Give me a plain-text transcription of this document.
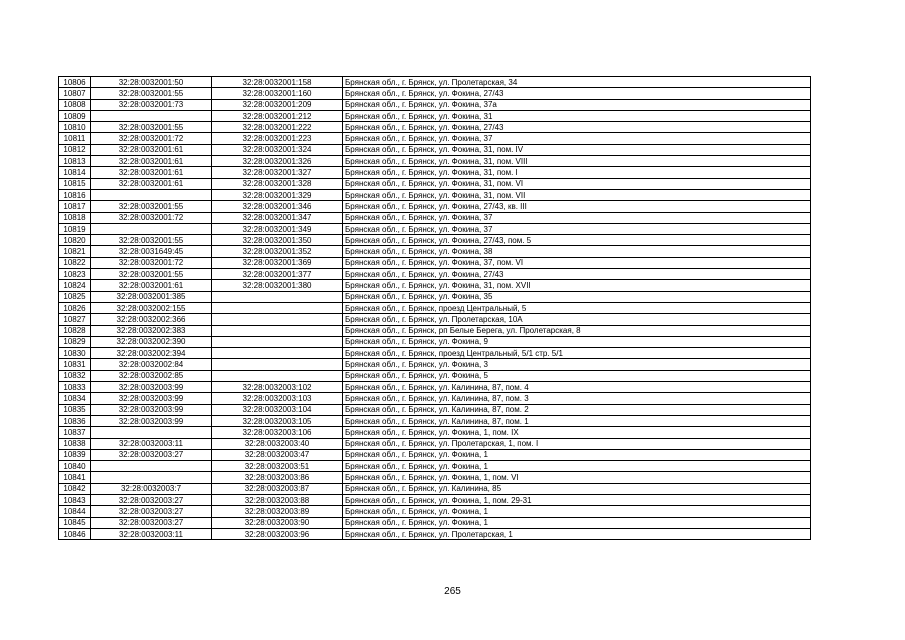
10806	32:28:0032001:50	32:28:0032001:158	Брянская обл., г. Брянск, ул. Пролетарская, 34
10807	32:28:0032001:55	32:28:0032001:160	Брянская обл., г. Брянск, ул. Фокина, 27/43
10808	32:28:0032001:73	32:28:0032001:209	Брянская обл., г. Брянск, ул. Фокина, 37а
10809		32:28:0032001:212	Брянская обл., г. Брянск, ул. Фокина, 31
10810	32:28:0032001:55	32:28:0032001:222	Брянская обл., г. Брянск, ул. Фокина, 27/43
10811	32:28:0032001:72	32:28:0032001:223	Брянская обл., г. Брянск, ул. Фокина, 37
10812	32:28:0032001:61	32:28:0032001:324	Брянская обл., г. Брянск, ул. Фокина, 31, пом. IV
10813	32:28:0032001:61	32:28:0032001:326	Брянская обл., г. Брянск, ул. Фокина, 31, пом. VIII
10814	32:28:0032001:61	32:28:0032001:327	Брянская обл., г. Брянск, ул. Фокина, 31, пом. I
10815	32:28:0032001:61	32:28:0032001:328	Брянская обл., г. Брянск, ул. Фокина, 31, пом. VI
10816		32:28:0032001:329	Брянская обл., г. Брянск, ул. Фокина, 31, пом. VII
10817	32:28:0032001:55	32:28:0032001:346	Брянская обл., г. Брянск, ул. Фокина, 27/43, кв. III
10818	32:28:0032001:72	32:28:0032001:347	Брянская обл., г. Брянск, ул. Фокина, 37
10819		32:28:0032001:349	Брянская обл., г. Брянск, ул. Фокина, 37
10820	32:28:0032001:55	32:28:0032001:350	Брянская обл., г. Брянск, ул. Фокина, 27/43, пом. 5
10821	32:28:0031649:45	32:28:0032001:352	Брянская обл., г. Брянск, ул. Фокина, 38
10822	32:28:0032001:72	32:28:0032001:369	Брянская обл., г. Брянск, ул. Фокина, 37, пом. VI
10823	32:28:0032001:55	32:28:0032001:377	Брянская обл., г. Брянск, ул. Фокина, 27/43
10824	32:28:0032001:61	32:28:0032001:380	Брянская обл., г. Брянск, ул. Фокина, 31, пом. XVII
10825	32:28:0032001:385		Брянская обл., г. Брянск, ул. Фокина, 35
10826	32:28:0032002:155		Брянская обл., г. Брянск, проезд Центральный, 5
10827	32:28:0032002:366		Брянская обл., г. Брянск, ул. Пролетарская, 10А
10828	32:28:0032002:383		Брянская обл., г. Брянск, рп Белые Берега, ул. Пролетарская, 8
10829	32:28:0032002:390		Брянская обл., г. Брянск, ул. Фокина, 9
10830	32:28:0032002:394		Брянская обл., г. Брянск, проезд Центральный, 5/1 стр. 5/1
10831	32:28:0032002:84		Брянская обл., г. Брянск, ул. Фокина, 3
10832	32:28:0032002:85		Брянская обл., г. Брянск, ул. Фокина, 5
10833	32:28:0032003:99	32:28:0032003:102	Брянская обл., г. Брянск, ул. Калинина, 87, пом. 4
10834	32:28:0032003:99	32:28:0032003:103	Брянская обл., г. Брянск, ул. Калинина, 87, пом. 3
10835	32:28:0032003:99	32:28:0032003:104	Брянская обл., г. Брянск, ул. Калинина, 87, пом. 2
10836	32:28:0032003:99	32:28:0032003:105	Брянская обл., г. Брянск, ул. Калинина, 87, пом. 1
10837		32:28:0032003:106	Брянская обл., г. Брянск, ул. Фокина, 1, пом. IX
10838	32:28:0032003:11	32:28:0032003:40	Брянская обл., г. Брянск, ул. Пролетарская, 1, пом. I
10839	32:28:0032003:27	32:28:0032003:47	Брянская обл., г. Брянск, ул. Фокина, 1
10840		32:28:0032003:51	Брянская обл., г. Брянск, ул. Фокина, 1
10841		32:28:0032003:86	Брянская обл., г. Брянск, ул. Фокина, 1, пом. VI
10842	32:28:0032003:7	32:28:0032003:87	Брянская обл., г. Брянск, ул. Калинина, 85
10843	32:28:0032003:27	32:28:0032003:88	Брянская обл., г. Брянск, ул. Фокина, 1, пом. 29-31
10844	32:28:0032003:27	32:28:0032003:89	Брянская обл., г. Брянск, ул. Фокина, 1
10845	32:28:0032003:27	32:28:0032003:90	Брянская обл., г. Брянск, ул. Фокина, 1
10846	32:28:0032003:11	32:28:0032003:96	Брянская обл., г. Брянск, ул. Пролетарская, 1
265
